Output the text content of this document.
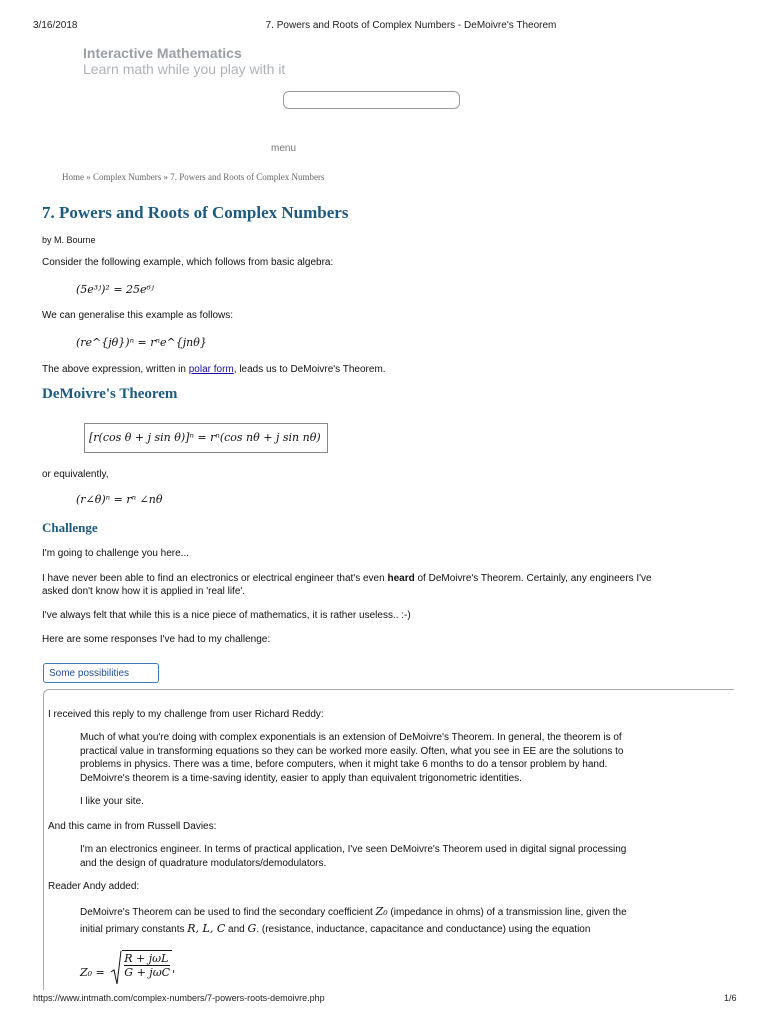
3/16/2018	7. Powers and Roots of Complex Numbers - DeMoivre's Theorem
Interactive Mathematics
Learn math while you play with it
menu
Home » Complex Numbers » 7. Powers and Roots of Complex Numbers
7. Powers and Roots of Complex Numbers
by M. Bourne
Consider the following example, which follows from basic algebra:
(5e³ʲ)² = 25e⁶ʲ
We can generalise this example as follows:
(re^{jθ})ⁿ = rⁿe^{jnθ}
The above expression, written in polar form, leads us to DeMoivre's Theorem.
DeMoivre's Theorem
[r(cos θ + j sin θ)]ⁿ = rⁿ(cos nθ + j sin nθ)
or equivalently,
(r∠θ)ⁿ = rⁿ ∠nθ
Challenge
I'm going to challenge you here...
I have never been able to find an electronics or electrical engineer that's even heard of DeMoivre's Theorem. Certainly, any engineers I've
asked don't know how it is applied in 'real life'.
I've always felt that while this is a nice piece of mathematics, it is rather useless.. :-)
Here are some responses I've had to my challenge:
Some possibilities
I received this reply to my challenge from user Richard Reddy:
Much of what you're doing with complex exponentials is an extension of DeMoivre's Theorem. In general, the theorem is of
practical value in transforming equations so they can be worked more easily. Often, what you see in EE are the solutions to
problems in physics. There was a time, before computers, when it might take 6 months to do a tensor problem by hand.
DeMoivre's theorem is a time-saving identity, easier to apply than equivalent trigonometric identities.
I like your site.
And this came in from Russell Davies:
I'm an electronics engineer. In terms of practical application, I've seen DeMoivre's Theorem used in digital signal processing
and the design of quadrature modulators/demodulators.
Reader Andy added:
DeMoivre's Theorem can be used to find the secondary coefficient Z₀ (impedance in ohms) of a transmission line, given the
initial primary constants R, L, C and G. (resistance, inductance, capacitance and conductance) using the equation
$Z_0 = \frac{\text{R + jωL}}{\text{G + jωC}}$ '
https://www.intmath.com/complex-numbers/7-powers-roots-demoivre.php	1/6
